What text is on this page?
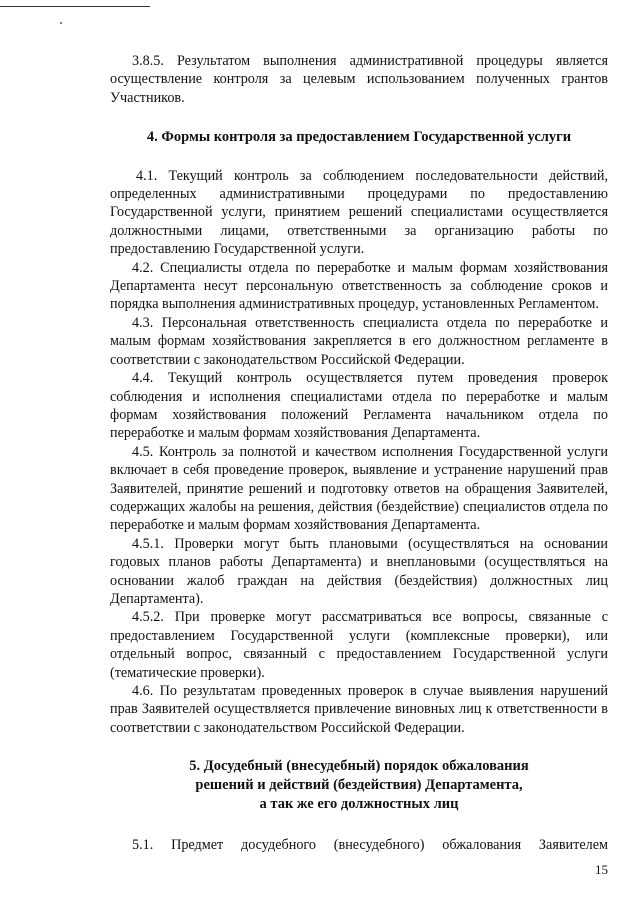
3.8.5. Результатом выполнения административной процедуры является осуществление контроля за целевым использованием полученных грантов Участников.

4. Формы контроля за предоставлением Государственной услуги

4.1. Текущий контроль за соблюдением последовательности действий, определенных административными процедурами по предоставлению Государственной услуги, принятием решений специалистами осуществляется должностными лицами, ответственными за организацию работы по предоставлению Государственной услуги.

4.2. Специалисты отдела по переработке и малым формам хозяйствования Департамента несут персональную ответственность за соблюдение сроков и порядка выполнения административных процедур, установленных Регламентом.

4.3. Персональная ответственность специалиста отдела по переработке и малым формам хозяйствования закрепляется в его должностном регламенте в соответствии с законодательством Российской Федерации.

4.4. Текущий контроль осуществляется путем проведения проверок соблюдения и исполнения специалистами отдела по переработке и малым формам хозяйствования положений Регламента начальником отдела по переработке и малым формам хозяйствования Департамента.

4.5. Контроль за полнотой и качеством исполнения Государственной услуги включает в себя проведение проверок, выявление и устранение нарушений прав Заявителей, принятие решений и подготовку ответов на обращения Заявителей, содержащих жалобы на решения, действия (бездействие) специалистов отдела по переработке и малым формам хозяйствования Департамента.

4.5.1. Проверки могут быть плановыми (осуществляться на основании годовых планов работы Департамента) и внеплановыми (осуществляться на основании жалоб граждан на действия (бездействия) должностных лиц Департамента).

4.5.2. При проверке могут рассматриваться все вопросы, связанные с предоставлением Государственной услуги (комплексные проверки), или отдельный вопрос, связанный с предоставлением Государственной услуги (тематические проверки).

4.6. По результатам проведенных проверок в случае выявления нарушений прав Заявителей осуществляется привлечение виновных лиц к ответственности в соответствии с законодательством Российской Федерации.

5. Досудебный (внесудебный) порядок обжалования
решений и действий (бездействия) Департамента,
а так же его должностных лиц

5.1. Предмет досудебного (внесудебного) обжалования Заявителем

15
